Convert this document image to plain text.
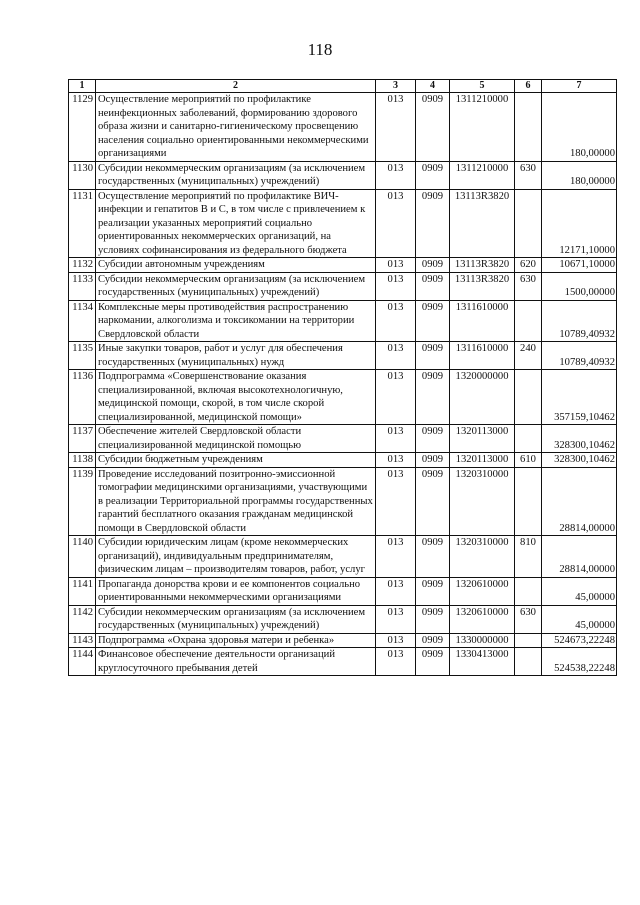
118
1	2	3	4	5	6	7
1129	Осуществление мероприятий по профилактике неинфекционных заболеваний, формированию здорового образа жизни и санитарно-гигиеническому просвещению населения социально ориентированными некоммерческими организациями	013	0909	1311210000		180,00000
1130	Субсидии некоммерческим организациям (за исключением государственных (муниципальных) учреждений)	013	0909	1311210000	630	180,00000
1131	Осуществление мероприятий по профилактике ВИЧ-инфекции и гепатитов В и С, в том числе с привлечением к реализации указанных мероприятий социально ориентированных некоммерческих организаций, на условиях софинансирования из федерального бюджета	013	0909	13113R3820		12171,10000
1132	Субсидии автономным учреждениям	013	0909	13113R3820	620	10671,10000
1133	Субсидии некоммерческим организациям (за исключением государственных (муниципальных) учреждений)	013	0909	13113R3820	630	1500,00000
1134	Комплексные меры противодействия распространению наркомании, алкоголизма и токсикомании на территории Свердловской области	013	0909	1311610000		10789,40932
1135	Иные закупки товаров, работ и услуг для обеспечения государственных (муниципальных) нужд	013	0909	1311610000	240	10789,40932
1136	Подпрограмма «Совершенствование оказания специализированной, включая высокотехнологичную, медицинской помощи, скорой, в том числе скорой специализированной, медицинской помощи»	013	0909	1320000000		357159,10462
1137	Обеспечение жителей Свердловской области специализированной медицинской помощью	013	0909	1320113000		328300,10462
1138	Субсидии бюджетным учреждениям	013	0909	1320113000	610	328300,10462
1139	Проведение исследований позитронно-эмиссионной томографии медицинскими организациями, участвующими в реализации Территориальной программы государственных гарантий бесплатного оказания гражданам медицинской помощи в Свердловской области	013	0909	1320310000		28814,00000
1140	Субсидии юридическим лицам (кроме некоммерческих организаций), индивидуальным предпринимателям, физическим лицам – производителям товаров, работ, услуг	013	0909	1320310000	810	28814,00000
1141	Пропаганда донорства крови и ее компонентов социально ориентированными некоммерческими организациями	013	0909	1320610000		45,00000
1142	Субсидии некоммерческим организациям (за исключением государственных (муниципальных) учреждений)	013	0909	1320610000	630	45,00000
1143	Подпрограмма «Охрана здоровья матери и ребенка»	013	0909	1330000000		524673,22248
1144	Финансовое обеспечение деятельности организаций круглосуточного пребывания детей	013	0909	1330413000		524538,22248
